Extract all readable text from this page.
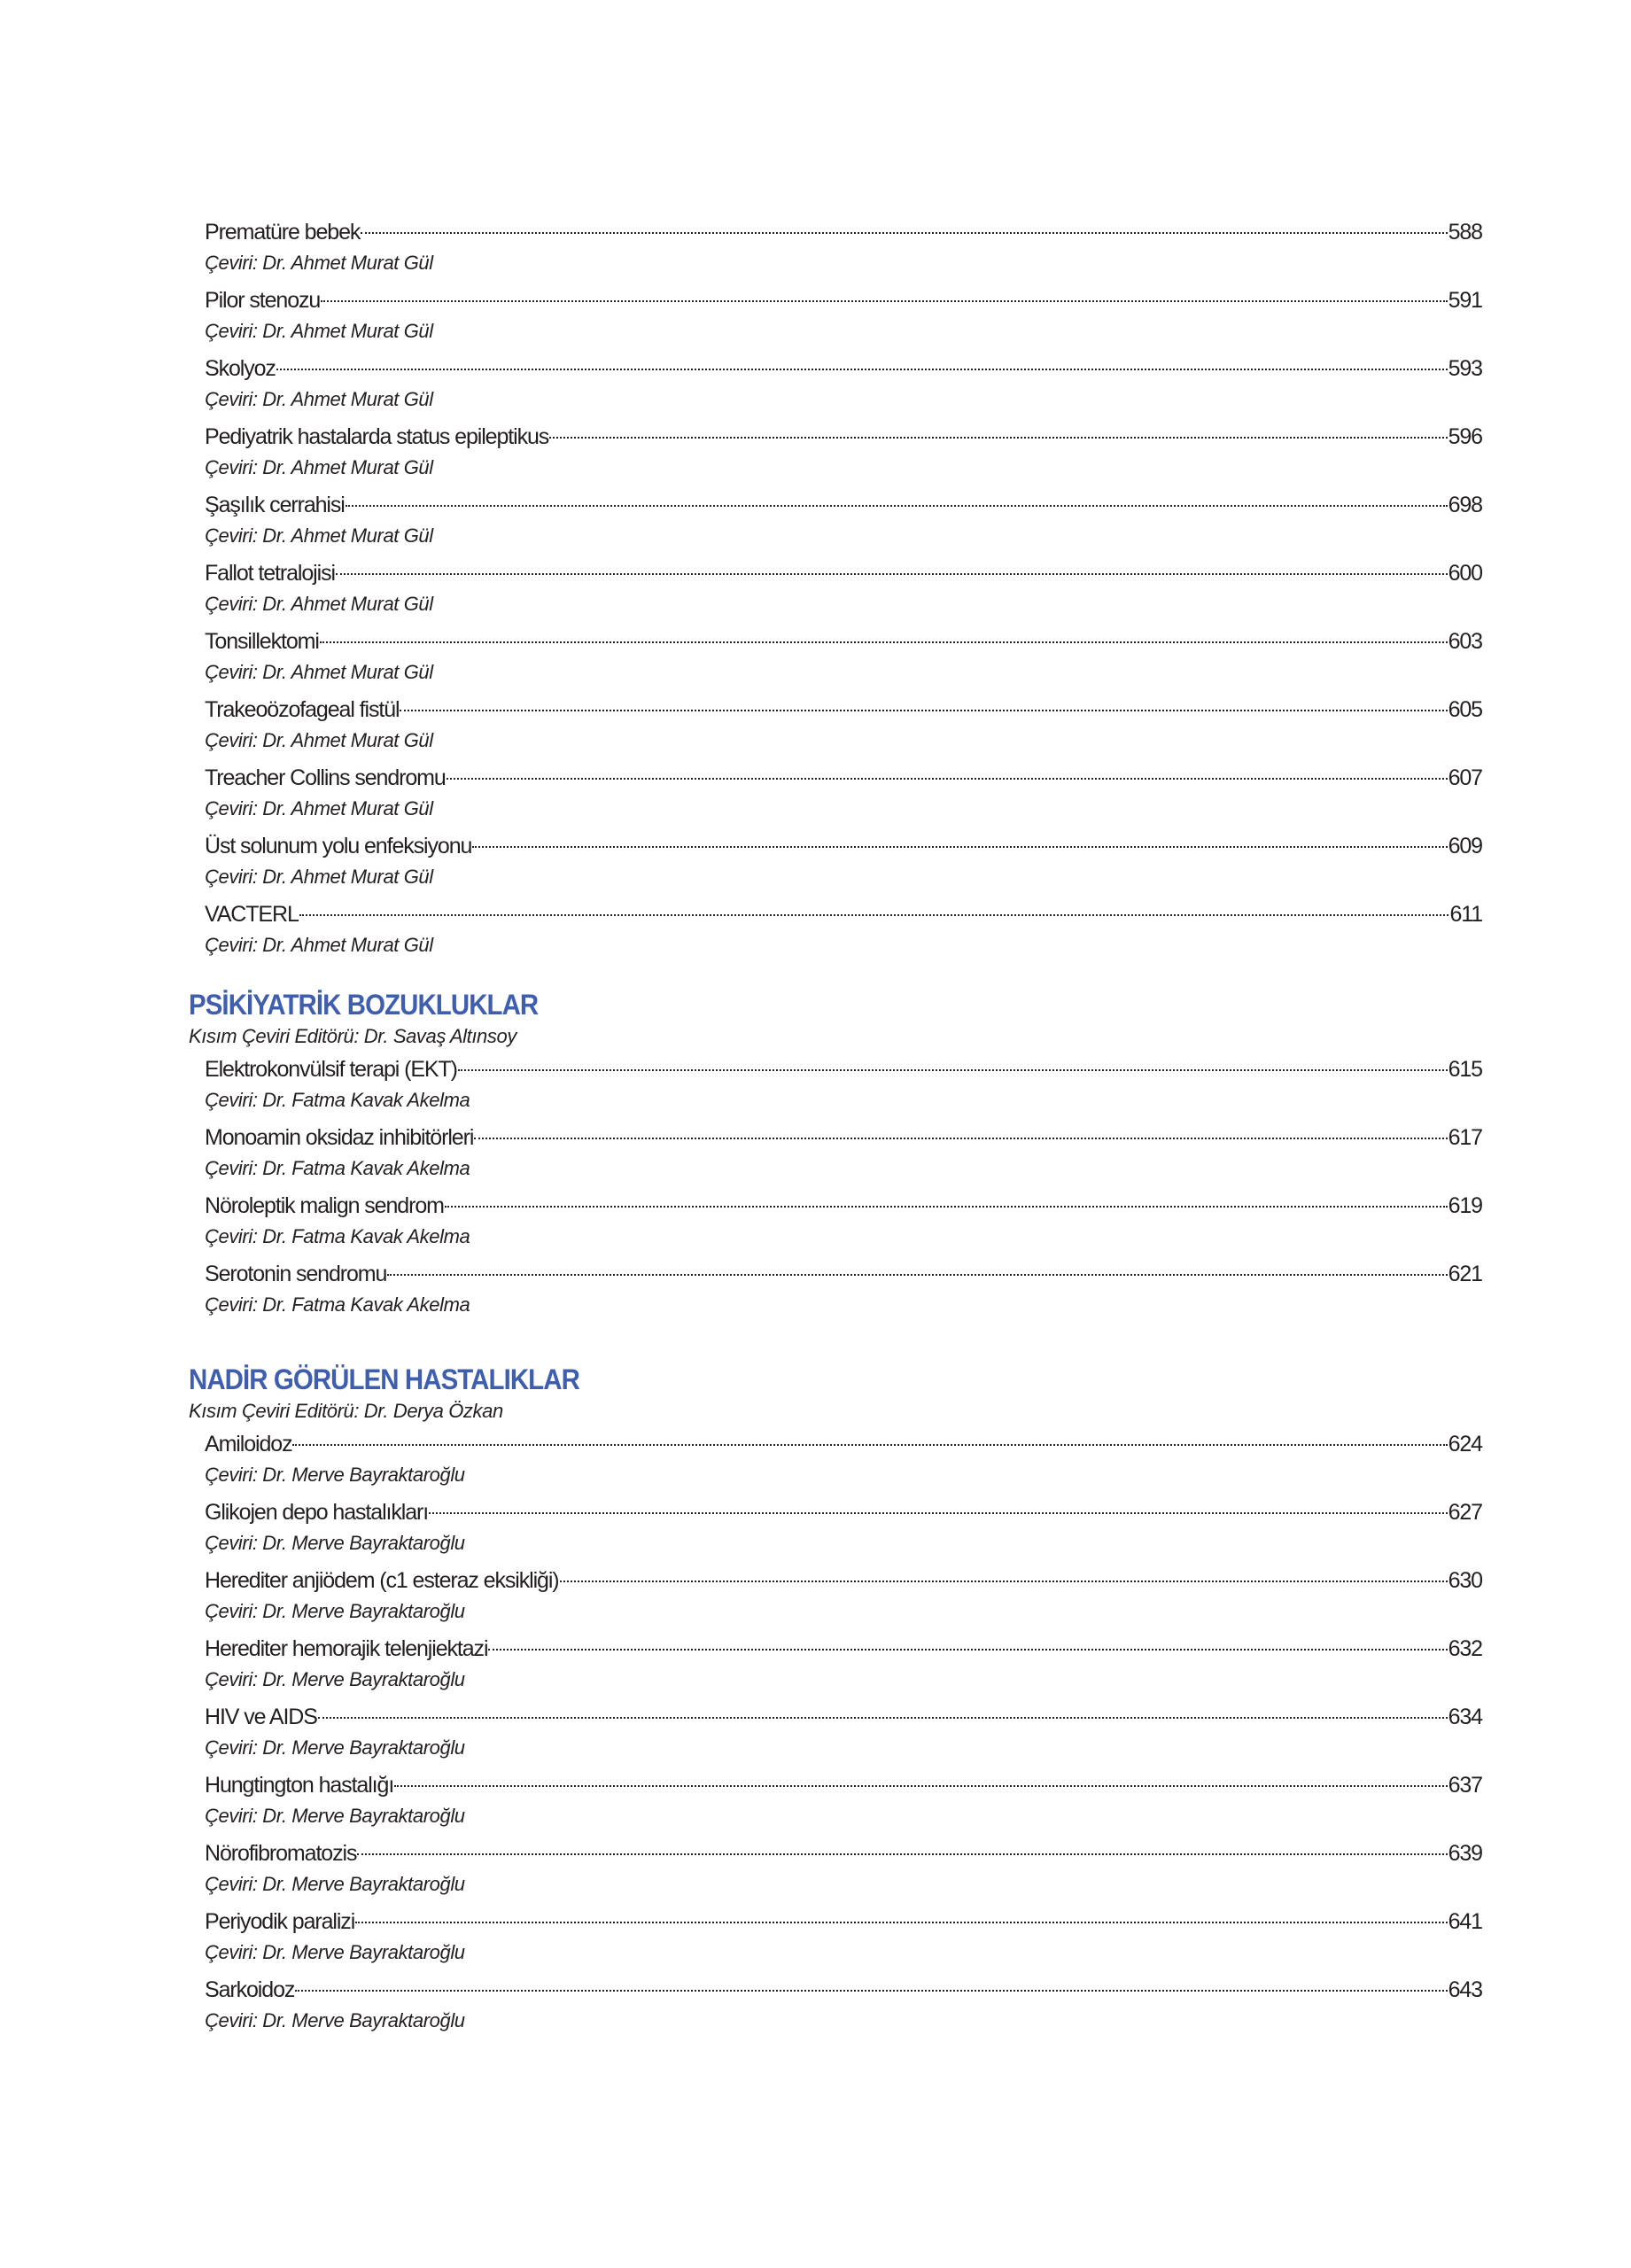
Prematüre bebek	588
Çeviri: Dr. Ahmet Murat Gül
Pilor stenozu	591
Çeviri: Dr. Ahmet Murat Gül
Skolyoz	593
Çeviri: Dr. Ahmet Murat Gül
Pediyatrik hastalarda status epileptikus	596
Çeviri: Dr. Ahmet Murat Gül
Şaşılık cerrahisi	698
Çeviri: Dr. Ahmet Murat Gül
Fallot tetralojisi	600
Çeviri: Dr. Ahmet Murat Gül
Tonsillektomi	603
Çeviri: Dr. Ahmet Murat Gül
Trakeoözofageal fistül	605
Çeviri: Dr. Ahmet Murat Gül
Treacher Collins sendromu	607
Çeviri: Dr. Ahmet Murat Gül
Üst solunum yolu enfeksiyonu	609
Çeviri: Dr. Ahmet Murat Gül
VACTERL	611
Çeviri: Dr. Ahmet Murat Gül
PSİKİYATRİK BOZUKLUKLAR
Kısım Çeviri Editörü: Dr. Savaş Altınsoy
Elektrokonvülsif terapi (EKT)	615
Çeviri: Dr. Fatma Kavak Akelma
Monoamin oksidaz inhibitörleri	617
Çeviri: Dr. Fatma Kavak Akelma
Nöroleptik malign sendrom	619
Çeviri: Dr. Fatma Kavak Akelma
Serotonin sendromu	621
Çeviri: Dr. Fatma Kavak Akelma
NADİR GÖRÜLEN HASTALIKLAR
Kısım Çeviri Editörü: Dr. Derya Özkan
Amiloidoz	624
Çeviri: Dr. Merve Bayraktaroğlu
Glikojen depo hastalıkları	627
Çeviri: Dr. Merve Bayraktaroğlu
Herediter anjiödem (c1 esteraz eksikliği)	630
Çeviri: Dr. Merve Bayraktaroğlu
Herediter hemorajik telenjiektazi	632
Çeviri: Dr. Merve Bayraktaroğlu
HIV ve AIDS	634
Çeviri: Dr. Merve Bayraktaroğlu
Hungtington hastalığı	637
Çeviri: Dr. Merve Bayraktaroğlu
Nörofibromatozis	639
Çeviri: Dr. Merve Bayraktaroğlu
Periyodik paralizi	641
Çeviri: Dr. Merve Bayraktaroğlu
Sarkoidoz	643
Çeviri: Dr. Merve Bayraktaroğlu
